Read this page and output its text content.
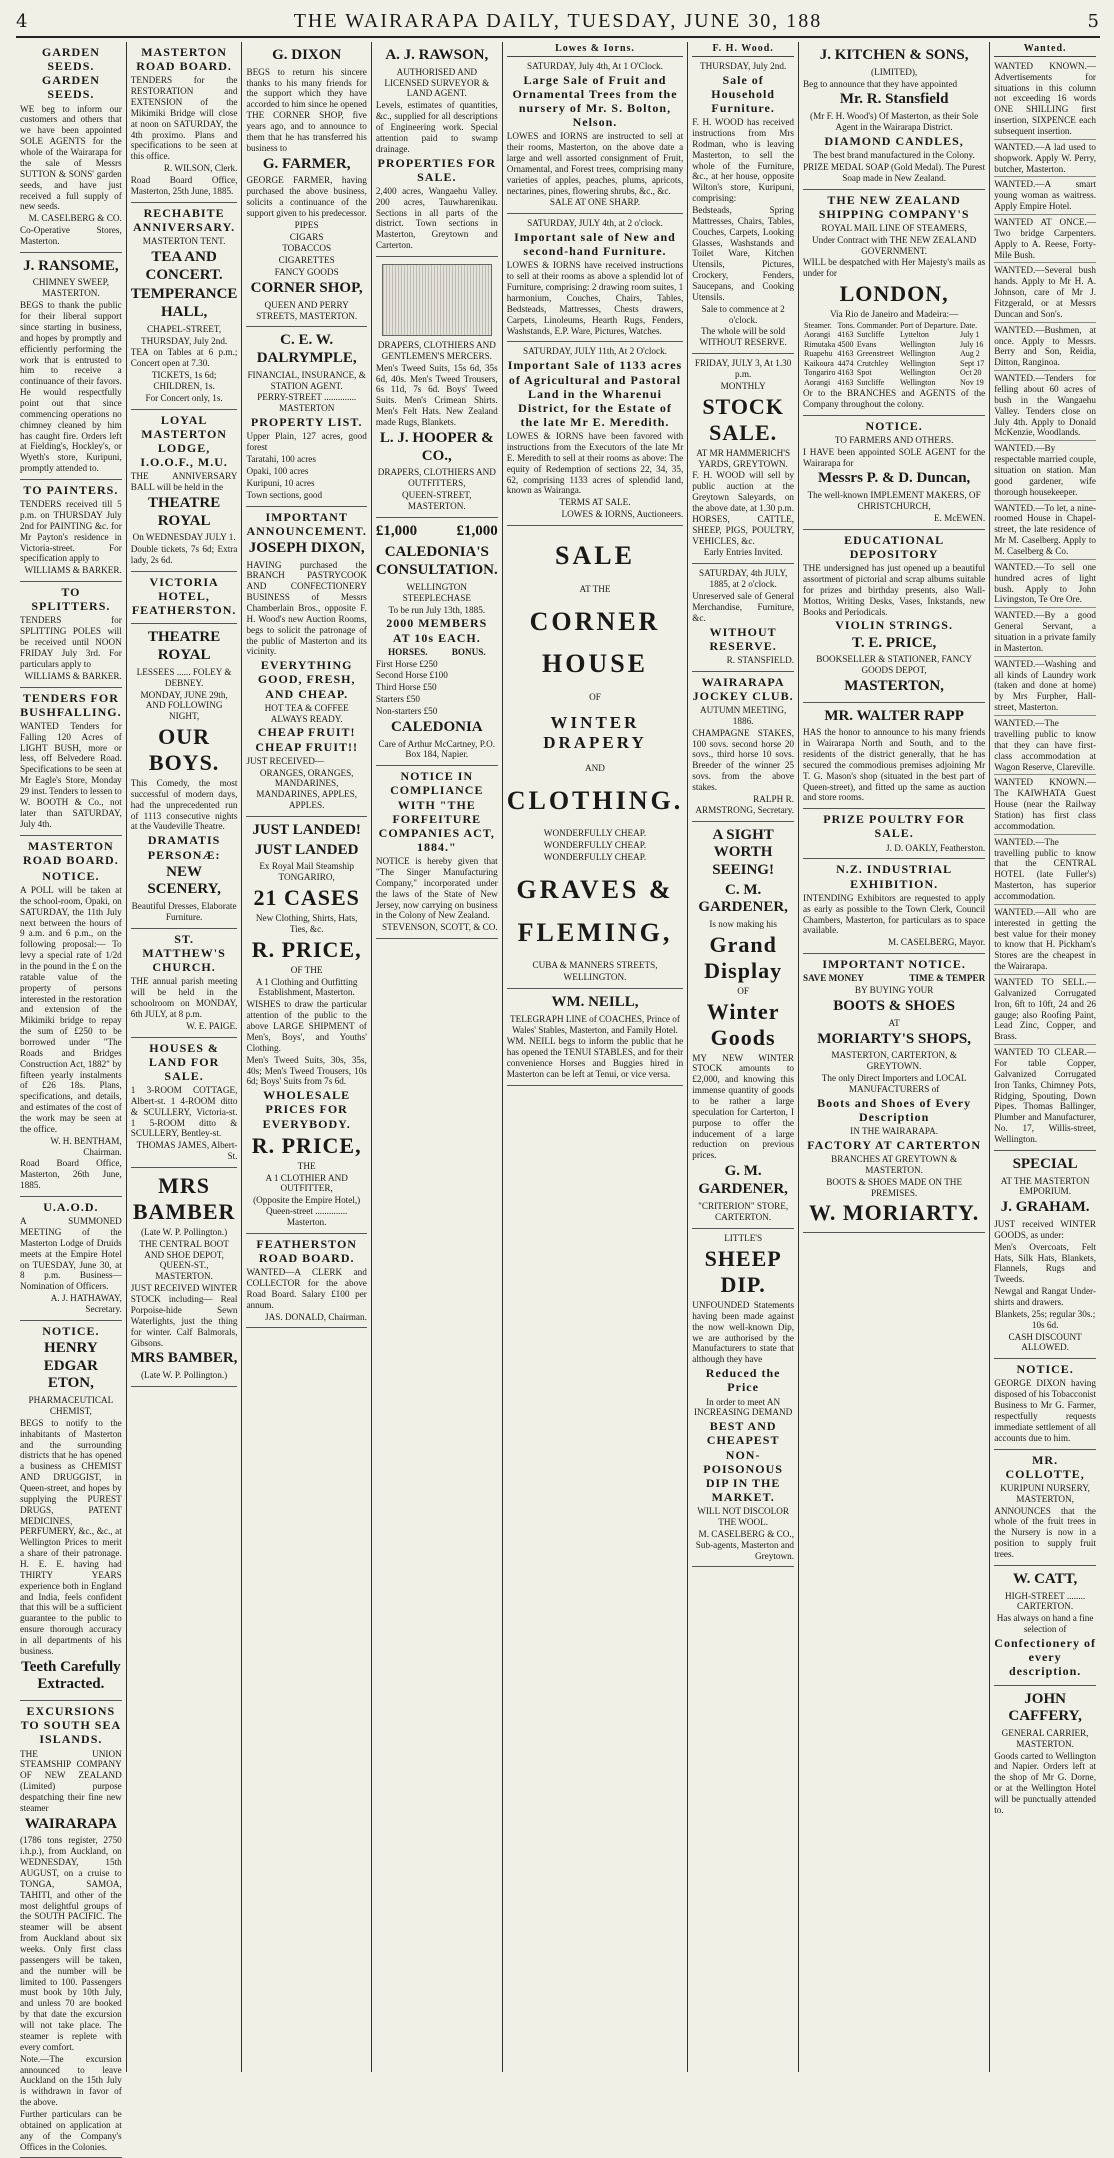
4	THE WAIRARAPA DAILY, TUESDAY, JUNE 30, 188	5
GARDEN SEEDS. GARDEN SEEDS.

WE beg to inform our customers and others that we have been appointed SOLE AGENTS for the whole of the Wairarapa for the sale of Messrs SUTTON & SONS' garden seeds, and have just received a full supply of new seeds.

M. CASELBERG & CO.

Co-Operative Stores, Masterton.

J. RANSOME,

CHIMNEY SWEEP, MASTERTON.

BEGS to thank the public for their liberal support since starting in business, and hopes by promptly and efficiently performing the work that is entrusted to him to receive a continuance of their favors. He would respectfully point out that since commencing operations no chimney cleaned by him has caught fire. Orders left at Fielding's, Hockley's, or Wyeth's store, Kuripuni, promptly attended to.

TO PAINTERS.

TENDERS received till 5 p.m. on THURSDAY July 2nd for PAINTING &c. for Mr Payton's residence in Victoria-street. For specification apply to

WILLIAMS & BARKER.

TO SPLITTERS.

TENDERS for SPLITTING POLES will be received until NOON FRIDAY July 3rd. For particulars apply to

WILLIAMS & BARKER.

TENDERS FOR BUSHFALLING.

WANTED Tenders for Falling 120 Acres of LIGHT BUSH, more or less, off Belvedere Road. Specifications to be seen at Mr Eagle's Store, Monday 29 inst. Tenders to lessen to W. BOOTH & Co., not later than SATURDAY, July 4th.

MASTERTON ROAD BOARD.
NOTICE.

A POLL will be taken at the school-room, Opaki, on SATURDAY, the 11th July next between the hours of 9 a.m. and 6 p.m., on the following proposal:— To levy a special rate of 1/2d in the pound in the £ on the ratable value of the property of persons interested in the restoration and extension of the Mikimiki bridge to repay the sum of £250 to be borrowed under "The Roads and Bridges Construction Act, 1882" by fifteen yearly instalments of £26 18s. Plans, specifications, and details, and estimates of the cost of the work may be seen at the office.

W. H. BENTHAM, Chairman.

Road Board Office, Masterton, 26th June, 1885.

U.A.O.D.

A SUMMONED MEETING of the Masterton Lodge of Druids meets at the Empire Hotel on TUESDAY, June 30, at 8 p.m. Business—Nomination of Officers.

A. J. HATHAWAY, Secretary.

NOTICE.
HENRY EDGAR ETON,

PHARMACEUTICAL CHEMIST,

BEGS to notify to the inhabitants of Masterton and the surrounding districts that he has opened a business as CHEMIST AND DRUGGIST, in Queen-street, and hopes by supplying the PUREST DRUGS, PATENT MEDICINES, PERFUMERY, &c., &c., at Wellington Prices to merit a share of their patronage. H. E. E. having had THIRTY YEARS experience both in England and India, feels confident that this will be a sufficient guarantee to the public to ensure thorough accuracy in all departments of his business.

Teeth Carefully Extracted.
EXCURSIONS TO SOUTH SEA ISLANDS.

THE UNION STEAMSHIP COMPANY OF NEW ZEALAND (Limited) purpose despatching their fine new steamer

WAIRARAPA

(1786 tons register, 2750 i.h.p.), from Auckland, on WEDNESDAY, 15th AUGUST, on a cruise to TONGA, SAMOA, TAHITI, and other of the most delightful groups of the SOUTH PACIFIC. The steamer will be absent from Auckland about six weeks. Only first class passengers will be taken, and the number will be limited to 100. Passengers must book by 10th July, and unless 70 are booked by that date the excursion will not take place. The steamer is replete with every comfort.

Note.—The excursion announced to leave Auckland on the 15th July is withdrawn in favor of the above.

Further particulars can be obtained on application at any of the Company's Offices in the Colonies.

MASTERTON ROAD BOARD.

TENDERS for the RESTORATION and EXTENSION of the Mikimiki Bridge will close at noon on SATURDAY, the 4th proximo. Plans and specifications to be seen at this office.

R. WILSON, Clerk.

Road Board Office, Masterton, 25th June, 1885.

RECHABITE ANNIVERSARY.

MASTERTON TENT.

TEA AND CONCERT.
TEMPERANCE HALL,

CHAPEL-STREET,

THURSDAY, July 2nd.

TEA on Tables at 6 p.m.; Concert open at 7.30.

TICKETS, 1s 6d; CHILDREN, 1s.

For Concert only, 1s.

LOYAL MASTERTON LODGE, I.O.O.F., M.U.

THE ANNIVERSARY BALL will be held in the

THEATRE ROYAL

On WEDNESDAY JULY 1.

Double tickets, 7s 6d; Extra lady, 2s 6d.

VICTORIA HOTEL, FEATHERSTON.
THEATRE ROYAL

LESSEES ...... FOLEY & DEBNEY.

MONDAY, JUNE 29th, AND FOLLOWING NIGHT,

OUR BOYS.

This Comedy, the most successful of modern days, had the unprecedented run of 1113 consecutive nights at the Vaudeville Theatre.

DRAMATIS PERSONÆ:
NEW SCENERY,

Beautiful Dresses, Elaborate Furniture.

ST. MATTHEW'S CHURCH.

THE annual parish meeting will be held in the schoolroom on MONDAY, 6th JULY, at 8 p.m.

W. E. PAIGE.

HOUSES & LAND FOR SALE.

1 3-ROOM COTTAGE, Albert-st. 1 4-ROOM ditto & SCULLERY, Victoria-st. 1 5-ROOM ditto & SCULLERY, Bentley-st.

THOMAS JAMES, Albert-St.

MRS BAMBER

(Late W. P. Pollington.)

THE CENTRAL BOOT AND SHOE DEPOT, QUEEN-ST., MASTERTON.

JUST RECEIVED WINTER STOCK including— Real Porpoise-hide Sewn Waterlights, just the thing for winter. Calf Balmorals, Gibsons.

MRS BAMBER,

(Late W. P. Pollington.)

G. DIXON

BEGS to return his sincere thanks to his many friends for the support which they have accorded to him since he opened THE CORNER SHOP, five years ago, and to announce to them that he has transferred his business to

G. FARMER,

GEORGE FARMER, having purchased the above business, solicits a continuance of the support given to his predecessor.

PIPES

CIGARS

TOBACCOS

CIGARETTES

FANCY GOODS

CORNER SHOP,

QUEEN AND PERRY STREETS, MASTERTON.

C. E. W. DALRYMPLE,

FINANCIAL, INSURANCE, & STATION AGENT.

PERRY-STREET .............. MASTERTON

PROPERTY LIST.

Upper Plain, 127 acres, good forest

Taratahi, 100 acres

Opaki, 100 acres

Kuripuni, 10 acres

Town sections, good

IMPORTANT ANNOUNCEMENT.
JOSEPH DIXON,

HAVING purchased the BRANCH PASTRYCOOK AND CONFECTIONERY BUSINESS of Messrs Chamberlain Bros., opposite F. H. Wood's new Auction Rooms, begs to solicit the patronage of the public of Masterton and its vicinity.

EVERYTHING GOOD, FRESH, AND CHEAP.

HOT TEA & COFFEE ALWAYS READY.

CHEAP FRUIT! CHEAP FRUIT!!

JUST RECEIVED—

ORANGES, ORANGES, MANDARINES, MANDARINES, APPLES, APPLES.

JUST LANDED!
JUST LANDED

Ex Royal Mail Steamship TONGARIRO,

21 CASES

New Clothing, Shirts, Hats, Ties, &c.

R. PRICE,

OF THE

A 1 Clothing and Outfitting Establishment, Masterton.

WISHES to draw the particular attention of the public to the above LARGE SHIPMENT of Men's, Boys', and Youths' Clothing.

Men's Tweed Suits, 30s, 35s, 40s; Men's Tweed Trousers, 10s 6d; Boys' Suits from 7s 6d.

WHOLESALE PRICES FOR EVERYBODY.
R. PRICE,

THE

A 1 CLOTHIER AND OUTFITTER,

(Opposite the Empire Hotel,) Queen-street .............. Masterton.

FEATHERSTON ROAD BOARD.

WANTED—A CLERK and COLLECTOR for the above Road Board. Salary £100 per annum.

JAS. DONALD, Chairman.

A. J. RAWSON,

AUTHORISED AND LICENSED SURVEYOR & LAND AGENT.

Levels, estimates of quantities, &c., supplied for all descriptions of Engineering work. Special attention paid to swamp drainage.

PROPERTIES FOR SALE.

2,400 acres, Wangaehu Valley. 200 acres, Tauwharenikau. Sections in all parts of the district. Town sections in Masterton, Greytown and Carterton.

DRAPERS, CLOTHIERS AND GENTLEMEN'S MERCERS.

Men's Tweed Suits, 15s 6d, 35s 6d, 40s. Men's Tweed Trousers, 6s 11d, 7s 6d. Boys' Tweed Suits. Men's Crimean Shirts. Men's Felt Hats. New Zealand made Rugs, Blankets.

L. J. HOOPER & CO.,

DRAPERS, CLOTHIERS AND OUTFITTERS,

QUEEN-STREET, MASTERTON.

£1,000	£1,000
CALEDONIA'S CONSULTATION.

WELLINGTON STEEPLECHASE

To be run July 13th, 1885.

2000 MEMBERS AT 10s EACH.
HORSES.	BONUS.

First Horse £250

Second Horse £100

Third Horse £50

Starters £50

Non-starters £50

CALEDONIA

Care of Arthur McCartney, P.O. Box 184, Napier.

NOTICE IN COMPLIANCE WITH "THE FORFEITURE COMPANIES ACT, 1884."

NOTICE is hereby given that "The Singer Manufacturing Company," incorporated under the laws of the State of New Jersey, now carrying on business in the Colony of New Zealand.

STEVENSON, SCOTT, & CO.

Lowes & Iorns.

SATURDAY, July 4th, At 1 O'Clock.

Large Sale of Fruit and Ornamental Trees from the nursery of Mr. S. Bolton, Nelson.

LOWES and IORNS are instructed to sell at their rooms, Masterton, on the above date a large and well assorted consignment of Fruit, Ornamental, and Forest trees, comprising many varieties of apples, peaches, plums, apricots, nectarines, pines, flowering shrubs, &c., &c.

SALE AT ONE SHARP.

SATURDAY, JULY 4th, at 2 o'clock.

Important sale of New and second-hand Furniture.

LOWES & IORNS have received instructions to sell at their rooms as above a splendid lot of Furniture, comprising: 2 drawing room suites, 1 harmonium, Couches, Chairs, Tables, Bedsteads, Mattresses, Chests drawers, Carpets, Linoleums, Hearth Rugs, Fenders, Washstands, E.P. Ware, Pictures, Watches.

SATURDAY, JULY 11th, At 2 O'clock.

Important Sale of 1133 acres of Agricultural and Pastoral Land in the Wharenui District, for the Estate of the late Mr E. Meredith.

LOWES & IORNS have been favored with instructions from the Executors of the late Mr E. Meredith to sell at their rooms as above: The equity of Redemption of sections 22, 34, 35, 62, comprising 1133 acres of splendid land, known as Wairanga.

TERMS AT SALE.

LOWES & IORNS, Auctioneers.

SALE

AT THE

CORNER
HOUSE

OF

WINTER DRAPERY

AND

CLOTHING.

WONDERFULLY CHEAP.

WONDERFULLY CHEAP.

WONDERFULLY CHEAP.

GRAVES &
FLEMING,

CUBA & MANNERS STREETS,

WELLINGTON.

WM. NEILL,

TELEGRAPH LINE of COACHES, Prince of Wales' Stables, Masterton, and Family Hotel.

WM. NEILL begs to inform the public that he has opened the TENUI STABLES, and for their convenience Horses and Buggies hired in Masterton can be left at Tenui, or vice versa.

F. H. Wood.

THURSDAY, July 2nd.

Sale of Household Furniture.

F. H. WOOD has received instructions from Mrs Rodman, who is leaving Masterton, to sell the whole of the Furniture, &c., at her house, opposite Wilton's store, Kuripuni, comprising:

Bedsteads, Spring Mattresses, Chairs, Tables, Couches, Carpets, Looking Glasses, Washstands and Toilet Ware, Kitchen Utensils, Pictures, Crockery, Fenders, Saucepans, and Cooking Utensils.

Sale to commence at 2 o'clock.

The whole will be sold WITHOUT RESERVE.

FRIDAY, JULY 3, At 1.30 p.m.

MONTHLY

STOCK SALE.

AT MR HAMMERICH'S YARDS, GREYTOWN.

F. H. WOOD will sell by public auction at the Greytown Saleyards, on the above date, at 1.30 p.m. HORSES, CATTLE, SHEEP, PIGS, POULTRY, VEHICLES, &c.

Early Entries Invited.

SATURDAY, 4th JULY, 1885, at 2 o'clock.

Unreserved sale of General Merchandise, Furniture, &c.

WITHOUT RESERVE.

R. STANSFIELD.

WAIRARAPA JOCKEY CLUB.

AUTUMN MEETING, 1886.

CHAMPAGNE STAKES, 100 sovs. second horse 20 sovs., third horse 10 sovs. Breeder of the winner 25 sovs. from the above stakes.

RALPH R. ARMSTRONG, Secretary.

A SIGHT WORTH SEEING!
C. M. GARDENER,

Is now making his

Grand Display

OF

Winter Goods

MY NEW WINTER STOCK amounts to £2,000, and knowing this immense quantity of goods to be rather a large speculation for Carterton, I purpose to offer the inducement of a large reduction on previous prices.

G. M. GARDENER,

"CRITERION" STORE,

CARTERTON.

LITTLE'S

SHEEP DIP.

UNFOUNDED Statements having been made against the now well-known Dip, we are authorised by the Manufacturers to state that although they have

Reduced the Price

In order to meet AN INCREASING DEMAND

BEST AND CHEAPEST NON-POISONOUS DIP IN THE MARKET.

WILL NOT DISCOLOR THE WOOL.

M. CASELBERG & CO., Sub-agents, Masterton and Greytown.

J. KITCHEN & SONS,

(LIMITED),

Beg to announce that they have appointed

Mr. R. Stansfield

(Mr F. H. Wood's) Of Masterton, as their Sole Agent in the Wairarapa District.

DIAMOND CANDLES,

The best brand manufactured in the Colony.

PRIZE MEDAL SOAP (Gold Medal). The Purest Soap made in New Zealand.

THE NEW ZEALAND SHIPPING COMPANY'S

ROYAL MAIL LINE OF STEAMERS,

Under Contract with THE NEW ZEALAND GOVERNMENT.

WILL be despatched with Her Majesty's mails as under for

LONDON,

Via Rio de Janeiro and Madeira:—

Steamer.	Tons.	Commander.	Port of Departure.	Date.
Aorangi	4163	Sutcliffe	Lyttelton	July 1
Rimutaka	4500	Evans	Wellington	July 16
Ruapehu	4163	Greenstreet	Wellington	Aug 2
Kaikoura	4474	Crutchley	Wellington	Sept 17
Tongariro	4163	Spot	Wellington	Oct 20
Aorangi	4163	Sutcliffe	Wellington	Nov 19

Or to the BRANCHES and AGENTS of the Company throughout the colony.

NOTICE.

TO FARMERS AND OTHERS.

I HAVE been appointed SOLE AGENT for the Wairarapa for

Messrs P. & D. Duncan,

The well-known IMPLEMENT MAKERS, OF CHRISTCHURCH,

E. McEWEN.

EDUCATIONAL DEPOSITORY

THE undersigned has just opened up a beautiful assortment of pictorial and scrap albums suitable for prizes and birthday presents, also Wall-Mottos, Writing Desks, Vases, Inkstands, new Books and Periodicals.

VIOLIN STRINGS.
T. E. PRICE,

BOOKSELLER & STATIONER, FANCY GOODS DEPOT,

MASTERTON,
MR. WALTER RAPP

HAS the honor to announce to his many friends in Wairarapa North and South, and to the residents of the district generally, that he has secured the commodious premises adjoining Mr T. G. Mason's shop (situated in the best part of Queen-street), and fitted up the same as auction and store rooms.

PRIZE POULTRY FOR SALE.

J. D. OAKLY, Featherston.

N.Z. INDUSTRIAL EXHIBITION.

INTENDING Exhibitors are requested to apply as early as possible to the Town Clerk, Council Chambers, Masterton, for particulars as to space available.

M. CASELBERG, Mayor.

IMPORTANT NOTICE.
SAVE MONEY	TIME & TEMPER

BY BUYING YOUR

BOOTS & SHOES

AT

MORIARTY'S SHOPS,

MASTERTON, CARTERTON, & GREYTOWN.

The only Direct Importers and LOCAL MANUFACTURERS of

Boots and Shoes of Every Description

IN THE WAIRARAPA.

FACTORY AT CARTERTON

BRANCHES AT GREYTOWN & MASTERTON.

BOOTS & SHOES MADE ON THE PREMISES.

W. MORIARTY.
Wanted.

WANTED KNOWN.—Advertisements for situations in this column not exceeding 16 words ONE SHILLING first insertion, SIXPENCE each subsequent insertion.

WANTED.—A lad used to shopwork. Apply W. Perry, butcher, Masterton.

WANTED.—A smart young woman as waitress. Apply Empire Hotel.

WANTED AT ONCE.—Two bridge Carpenters. Apply to A. Reese, Forty-Mile Bush.

WANTED.—Several bush hands. Apply to Mr H. A. Johnson, care of Mr J. Fitzgerald, or at Messrs Duncan and Son's.

WANTED.—Bushmen, at once. Apply to Messrs. Berry and Son, Reidia, Ditton, Ranginoa.

WANTED.—Tenders for felling about 60 acres of bush in the Wangaehu Valley. Tenders close on July 4th. Apply to Donald McKenzie, Woodlands.

WANTED.—By respectable married couple, situation on station. Man good gardener, wife thorough housekeeper.

WANTED.—To let, a nine-roomed House in Chapel-street, the late residence of Mr M. Caselberg. Apply to M. Caselberg & Co.

WANTED.—To sell one hundred acres of light bush. Apply to John Livingston, Te Ore Ore.

WANTED.—By a good General Servant, a situation in a private family in Masterton.

WANTED.—Washing and all kinds of Laundry work (taken and done at home) by Mrs Furpher, Hall-street, Masterton.

WANTED.—The travelling public to know that they can have first-class accommodation at Wagon Reserve, Clareville.

WANTED KNOWN.—The KAIWHATA Guest House (near the Railway Station) has first class accommodation.

WANTED.—The travelling public to know that the CENTRAL HOTEL (late Fuller's) Masterton, has superior accommodation.

WANTED.—All who are interested in getting the best value for their money to know that H. Pickham's Stores are the cheapest in the Wairarapa.

WANTED TO SELL.—Galvanized Corrugated Iron, 6ft to 10ft, 24 and 26 gauge; also Roofing Paint, Lead Zinc, Copper, and Brass.

WANTED TO CLEAR.—For table Copper, Galvanized Corrugated Iron Tanks, Chimney Pots, Ridging, Spouting, Down Pipes. Thomas Ballinger, Plumber and Manufacturer, No. 17, Willis-street, Wellington.

SPECIAL

AT THE MASTERTON EMPORIUM.

J. GRAHAM.

JUST received WINTER GOODS, as under:

Men's Overcoats, Felt Hats, Silk Hats, Blankets, Flannels, Rugs and Tweeds.

Newgal and Rangat Under-shirts and drawers.

Blankets, 25s; regular 30s.; 10s 6d.

CASH DISCOUNT ALLOWED.

NOTICE.

GEORGE DIXON having disposed of his Tobacconist Business to Mr G. Farmer, respectfully requests immediate settlement of all accounts due to him.

MR. COLLOTTE,

KURIPUNI NURSERY, MASTERTON,

ANNOUNCES that the whole of the fruit trees in the Nursery is now in a position to supply fruit trees.

W. CATT,

HIGH-STREET ........ CARTERTON.

Has always on hand a fine selection of

Confectionery of every description.
JOHN CAFFERY,

GENERAL CARRIER, MASTERTON.

Goods carted to Wellington and Napier. Orders left at the shop of Mr G. Dorne, or at the Wellington Hotel will be punctually attended to.
